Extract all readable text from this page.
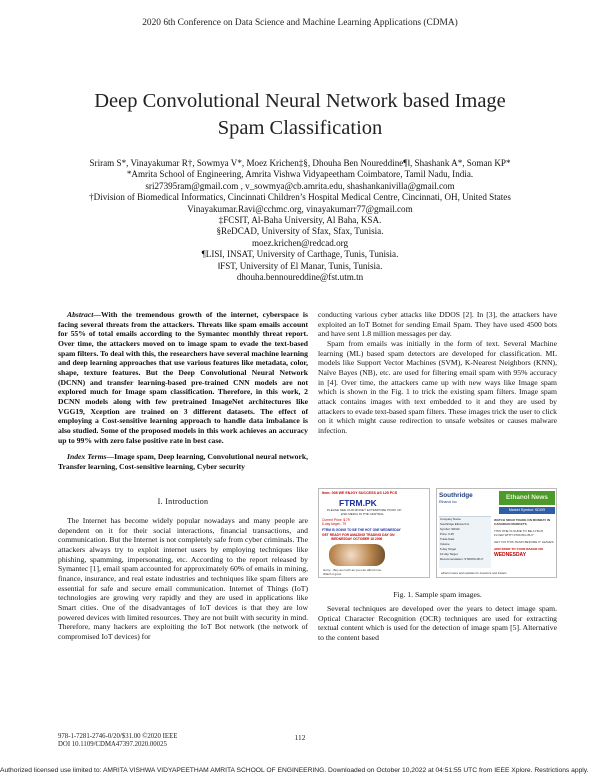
2020 6th Conference on Data Science and Machine Learning Applications (CDMA)
Deep Convolutional Neural Network based Image
Spam Classification
Sriram S*, Vinayakumar R†, Sowmya V*, Moez Krichen‡§, Dhouha Ben Noureddine¶‖, Shashank A*, Soman KP*
*Amrita School of Engineering, Amrita Vishwa Vidyapeetham Coimbatore, Tamil Nadu, India.
sri27395ram@gmail.com , v_sowmya@cb.amrita.edu, shashankanivilla@gmail.com
†Division of Biomedical Informatics, Cincinnati Children’s Hospital Medical Centre, Cincinnati, OH, United States
Vinayakumar.Ravi@cchmc.org, vinayakumarr77@gmail.com
‡FCSIT, Al-Baha University, Al Baha, KSA.
§ReDCAD, University of Sfax, Sfax, Tunisia.
moez.krichen@redcad.org
¶LISI, INSAT, University of Carthage, Tunis, Tunisia.
‖FST, University of El Manar, Tunis, Tunisia.
dhouha.bennoureddine@fst.utm.tn

Abstract—With the tremendous growth of the internet, cyberspace is facing several threats from the attackers. Threats like spam emails account for 55% of total emails according to the Symantec monthly threat report. Over time, the attackers moved on to image spam to evade the text-based spam filters. To deal with this, the researchers have several machine learning and deep learning approaches that use various features like metadata, color, shape, texture features. But the Deep Convolutional Neural Network (DCNN) and transfer learning-based pre-trained CNN models are not explored much for Image spam classification. Therefore, in this work, 2 DCNN models along with few pretrained ImageNet architectures like VGG19, Xception are trained on 3 different datasets. The effect of employing a Cost-sensitive learning approach to handle data imbalance is also studied. Some of the proposed models in this work achieves an accuracy up to 99% with zero false positive rate in best case.

Index Terms—Image spam, Deep learning, Convolutional neural network, Transfer learning, Cost-sensitive learning, Cyber security

I. Introduction

The Internet has become widely popular nowadays and many people are dependent on it for their social interactions, financial transactions, and communication. But the Internet is not completely safe from cyber criminals. The attackers always try to exploit internet users by employing techniques like phishing, spamming, impersonating, etc. According to the report released by Symantec [1], email spam accounted for approximately 60% of emails in mining, finance, insurance, and real estate industries and techniques like spam filters are essential for safe and secure email communication. Internet of Things (IoT) technologies are growing very rapidly and they are used in applications like Smart cities. One of the disadvantages of IoT devices is that they are low powered devices with limited resources. They are not built with security in mind. Therefore, many hackers are exploiting the IoT Bot network (the network of compromised IoT devices) for

conducting various cyber attacks like DDOS [2]. In [3], the attackers have exploited an IoT Botnet for sending Email Spam. They have used 4500 bots and have sent 1.8 million messages per day.

Spam from emails was initially in the form of text. Several Machine learning (ML) based spam detectors are developed for classification. ML models like Support Vector Machines (SVM), K-Nearest Neighbors (KNN), Naïve Bayes (NB), etc. are used for filtering email spam with 95% accuracy in [4]. Over time, the attackers came up with new ways like Image spam which is shown in the Fig. 1 to trick the existing spam filters. Image spam attack contains images with text embedded to it and they are used by attackers to evade text-based spam filters. These images trick the user to click on it which might cause redirection to unsafe websites or causes malware infection.

Item: 008 WE ENJOY SUCCESS AS 125 PCS
FTRM.PK
PLEASE SEE OUR MONEY EXTEMPORE HOOK UP
ESD MEDIA IN THE CENTRAL
Current Price: $.79
5-day target: .79
FTRM IS GOING TO BE THE HOT ONE WEDNESDAY
GET READY FOR AMAZING TRADING DAY ON
WEDNESDAY OCTOBER 18 2006
Hurry... Buy as much as you can afford now.
Watch it grow.
Southridge
Ethanol Inc
Ethanol News
Market Symbol: SDGR
Company Name
Southridge Ethanol Inc
Symbol: SDGR
Price: 0.45
Trade Date
Volume
5-day Target
10-day Target
Recommendation: STRONG BUY
WATCH SDGR TRADE ON MONDAY IN
CANADIAN MARKETS
THIS ONE IS SURE TO BE A HIGH
FLYER WITH STRONG BUY
GET ON THIS TRAIN BEFORE IT LEAVES
ADD SDGR TO YOUR RADAR ON
WEDNESDAY
ethanol news and updates for investors and traders
Fig. 1. Sample spam images.

Several techniques are developed over the years to detect image spam. Optical Character Recognition (OCR) techniques are used for extracting textual content which is used for the detection of image spam [5]. Alternative to the content based

978-1-7281-2746-0/20/$31.00 ©2020 IEEE
DOI 10.1109/CDMA47397.2020.00025
112
Authorized licensed use limited to: AMRITA VISHWA VIDYAPEETHAM AMRITA SCHOOL OF ENGINEERING. Downloaded on October 10,2022 at 04:51:55 UTC from IEEE Xplore. Restrictions apply.
